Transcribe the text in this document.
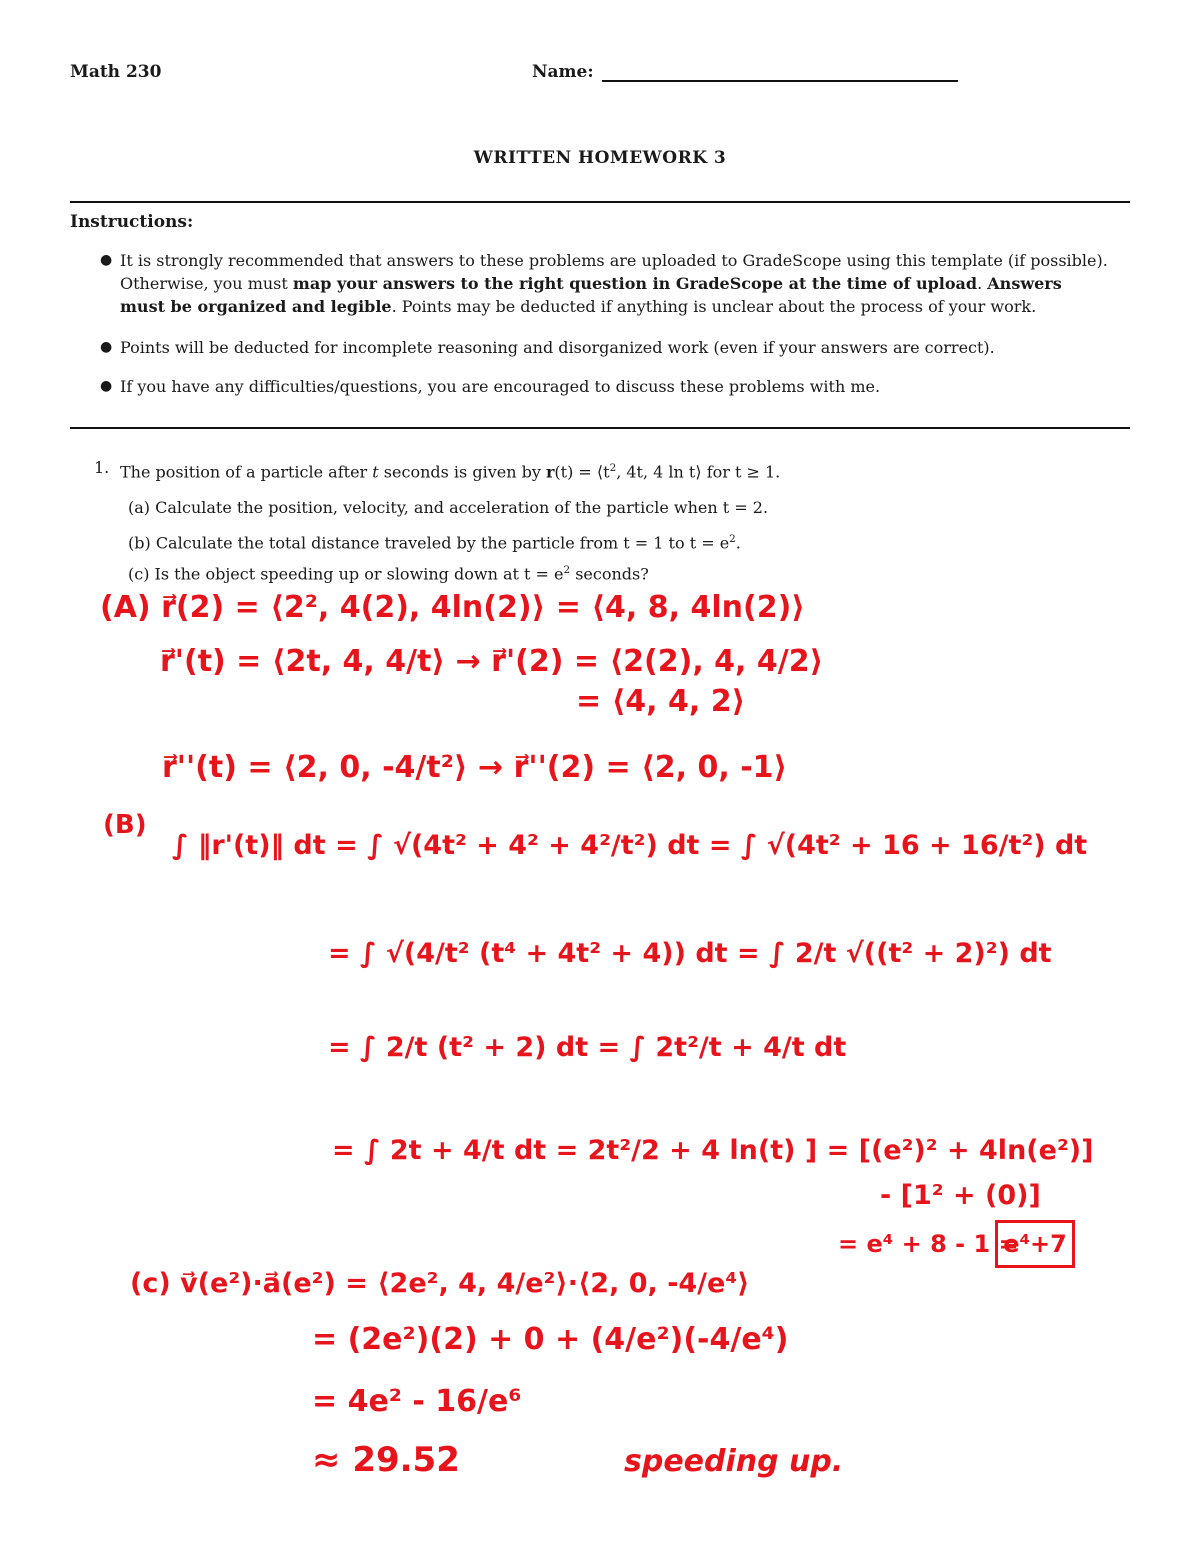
Math 230	Name:
WRITTEN HOMEWORK 3
Instructions:
● It is strongly recommended that answers to these problems are uploaded to GradeScope using this template (if possible).
Otherwise, you must map your answers to the right question in GradeScope at the time of upload. Answers
must be organized and legible. Points may be deducted if anything is unclear about the process of your work.
● Points will be deducted for incomplete reasoning and disorganized work (even if your answers are correct).
● If you have any difficulties/questions, you are encouraged to discuss these problems with me.
1. The position of a particle after t seconds is given by $r(t) = ⟨t^2$, 4t, 4 ln t⟩ for t ≥ 1.
(a) Calculate the position, velocity, and acceleration of the particle when t = 2.
(b) Calculate the total distance traveled by the particle from t = 1 to $t = e^2$.
(c) Is the object speeding up or slowing down at $t = e^2$ seconds?
(A) r⃗(2) = ⟨2², 4(2), 4ln(2)⟩ = ⟨4, 8, 4ln(2)⟩
r⃗'(t) = ⟨2t, 4, 4/t⟩ → r⃗'(2) = ⟨2(2), 4, 4/2⟩
= ⟨4, 4, 2⟩
r⃗''(t) = ⟨2, 0, -4/t²⟩ → r⃗''(2) = ⟨2, 0, -1⟩
(B)
∫ ‖r'(t)‖ dt = ∫ √(4t² + 4² + 4²/t²) dt = ∫ √(4t² + 16 + 16/t²) dt
= ∫ √(4/t² (t⁴ + 4t² + 4)) dt = ∫ 2/t √((t² + 2)²) dt
= ∫ 2/t (t² + 2) dt = ∫ 2t²/t + 4/t dt
= ∫ 2t + 4/t dt = 2t²/2 + 4 ln(t) ] = [(e²)² + 4ln(e²)]
- [1² + (0)]
= e⁴ + 8 - 1 =
e⁴+7
(c) v⃗(e²)·a⃗(e²) = ⟨2e², 4, 4/e²⟩·⟨2, 0, -4/e⁴⟩
= (2e²)(2) + 0 + (4/e²)(-4/e⁴)
= 4e² - 16/e⁶
≈ 29.52	speeding up.
